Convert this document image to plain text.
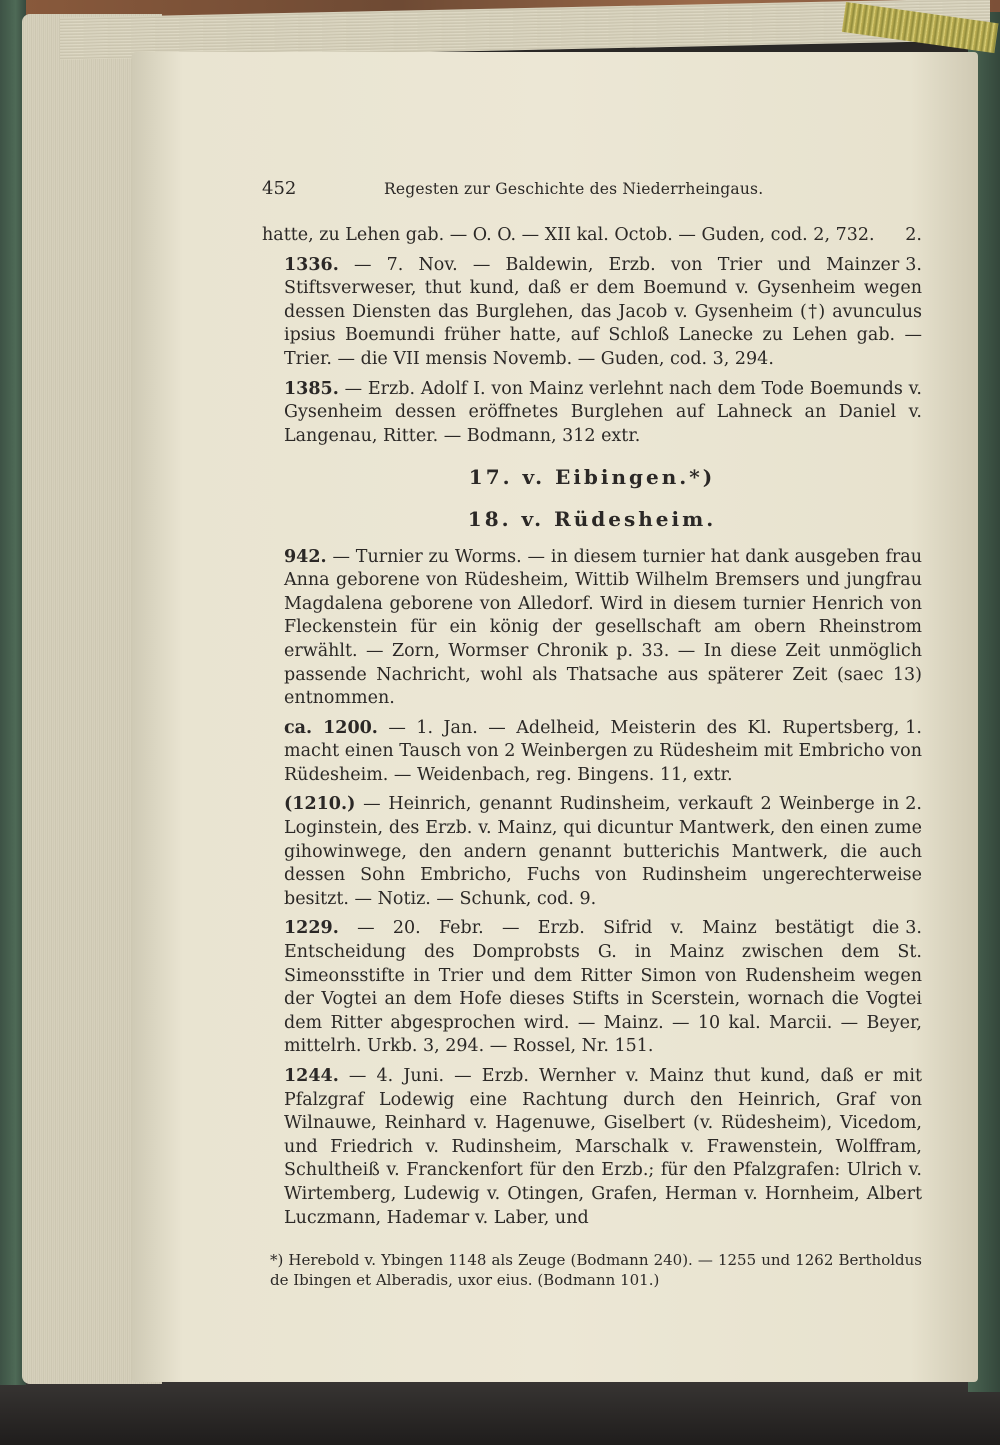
452	Regesten zur Geschichte des Niederrheingaus.

2.
hatte, zu Lehen gab. — O. O. — XII kal. Octob. — Guden, cod. 2, 732.

3.
1336. — 7. Nov. — Baldewin, Erzb. von Trier und Mainzer Stiftsverweser, thut kund, daß er dem Boemund v. Gysenheim wegen dessen Diensten das Burglehen, das Jacob v. Gysenheim (†) avunculus ipsius Boemundi früher hatte, auf Schloß Lanecke zu Lehen gab. — Trier. — die VII mensis Novemb. — Guden, cod. 3, 294.

1385. — Erzb. Adolf I. von Mainz verlehnt nach dem Tode Boemunds v. Gysenheim dessen eröffnetes Burglehen auf Lahneck an Daniel v. Langenau, Ritter. — Bodmann, 312 extr.

17. v. Eibingen.*)
18. v. Rüdesheim.

942. — Turnier zu Worms. — in diesem turnier hat dank ausgeben frau Anna geborene von Rüdesheim, Wittib Wilhelm Bremsers und jungfrau Magdalena geborene von Alledorf. Wird in diesem turnier Henrich von Fleckenstein für ein könig der gesellschaft am obern Rheinstrom erwählt. — Zorn, Wormser Chronik p. 33. — In diese Zeit unmöglich passende Nachricht, wohl als Thatsache aus späterer Zeit (saec 13) entnommen.

1.
ca. 1200. — 1. Jan. — Adelheid, Meisterin des Kl. Rupertsberg, macht einen Tausch von 2 Weinbergen zu Rüdesheim mit Embricho von Rüdesheim. — Weidenbach, reg. Bingens. 11, extr.

2.
(1210.) — Heinrich, genannt Rudinsheim, verkauft 2 Weinberge in Loginstein, des Erzb. v. Mainz, qui dicuntur Mantwerk, den einen zume gihowinwege, den andern genannt butterichis Mantwerk, die auch dessen Sohn Embricho, Fuchs von Rudinsheim ungerechterweise besitzt. — Notiz. — Schunk, cod. 9.

3.
1229. — 20. Febr. — Erzb. Sifrid v. Mainz bestätigt die Entscheidung des Domprobsts G. in Mainz zwischen dem St. Simeonsstifte in Trier und dem Ritter Simon von Rudensheim wegen der Vogtei an dem Hofe dieses Stifts in Scerstein, wornach die Vogtei dem Ritter abgesprochen wird. — Mainz. — 10 kal. Marcii. — Beyer, mittelrh. Urkb. 3, 294. — Rossel, Nr. 151.

1244. — 4. Juni. — Erzb. Wernher v. Mainz thut kund, daß er mit Pfalzgraf Lodewig eine Rachtung durch den Heinrich, Graf von Wilnauwe, Reinhard v. Hagenuwe, Giselbert (v. Rüdesheim), Vicedom, und Friedrich v. Rudinsheim, Marschalk v. Frawenstein, Wolffram, Schultheiß v. Franckenfort für den Erzb.; für den Pfalzgrafen: Ulrich v. Wirtemberg, Ludewig v. Otingen, Grafen, Herman v. Hornheim, Albert Luczmann, Hademar v. Laber, und

*) Herebold v. Ybingen 1148 als Zeuge (Bodmann 240). — 1255 und 1262 Bertholdus de Ibingen et Alberadis, uxor eius. (Bodmann 101.)
